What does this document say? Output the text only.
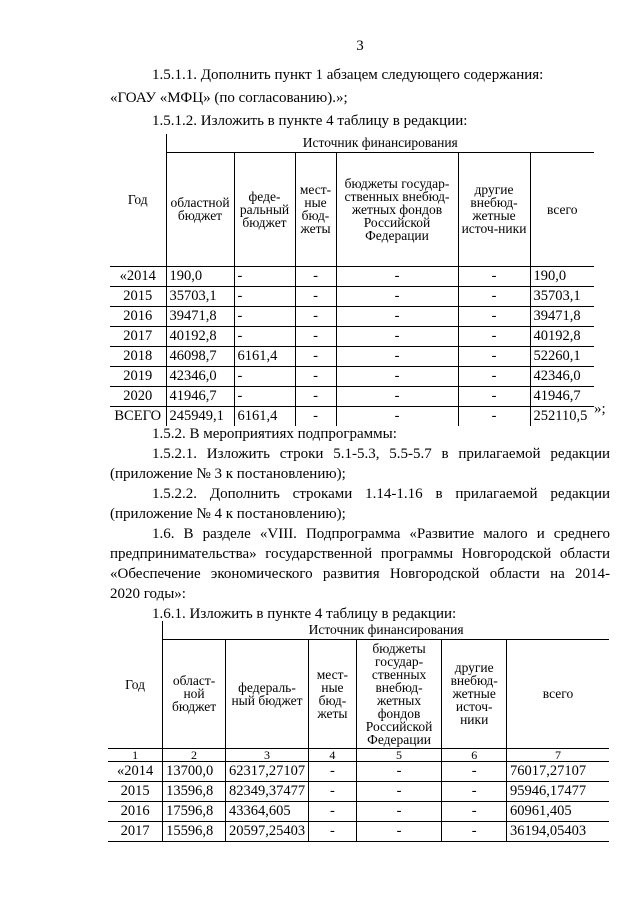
3
1.5.1.1. Дополнить пункт 1 абзацем следующего содержания:
«ГОАУ «МФЦ» (по согласованию).»;
1.5.1.2. Изложить в пункте 4 таблицу в редакции:
Год	Источник финансирования					
	областной бюджет	феде-ральный бюджет	мест-ные бюд-жеты	бюджеты государ-ственных внебюд-жетных фондов Российской Федерации	другие внебюд-жетные источ-ники	всего
«2014	190,0	-	-	-	-	190,0
2015	35703,1	-	-	-	-	35703,1
2016	39471,8	-	-	-	-	39471,8
2017	40192,8	-	-	-	-	40192,8
2018	46098,7	6161,4	-	-	-	52260,1
2019	42346,0	-	-	-	-	42346,0
2020	41946,7	-	-	-	-	41946,7
ВСЕГО	245949,1	6161,4	-	-	-	252110,5 »;
1.5.2. В мероприятиях подпрограммы:
1.5.2.1. Изложить строки 5.1-5.3, 5.5-5.7 в прилагаемой редакции
(приложение № 3 к постановлению);
1.5.2.2. Дополнить строками 1.14-1.16 в прилагаемой редакции
(приложение № 4 к постановлению);
1.6. В разделе «VIII. Подпрограмма «Развитие малого и среднего
предпринимательства» государственной программы Новгородской области
«Обеспечение экономического развития Новгородской области на 2014-
2020 годы»:
1.6.1. Изложить в пункте 4 таблицу в редакции:
Год	Источник финансирования					
	област-ной бюджет	федераль-ный бюджет	мест-ные бюд-жеты	бюджеты государ-ственных внебюд-жетных фондов Российской Федерации	другие внебюд-жетные источ-ники	всего
1	2	3	4	5	6	7
«2014	13700,0	62317,27107	-	-	-	76017,27107
2015	13596,8	82349,37477	-	-	-	95946,17477
2016	17596,8	43364,605	-	-	-	60961,405
2017	15596,8	20597,25403	-	-	-	36194,05403
